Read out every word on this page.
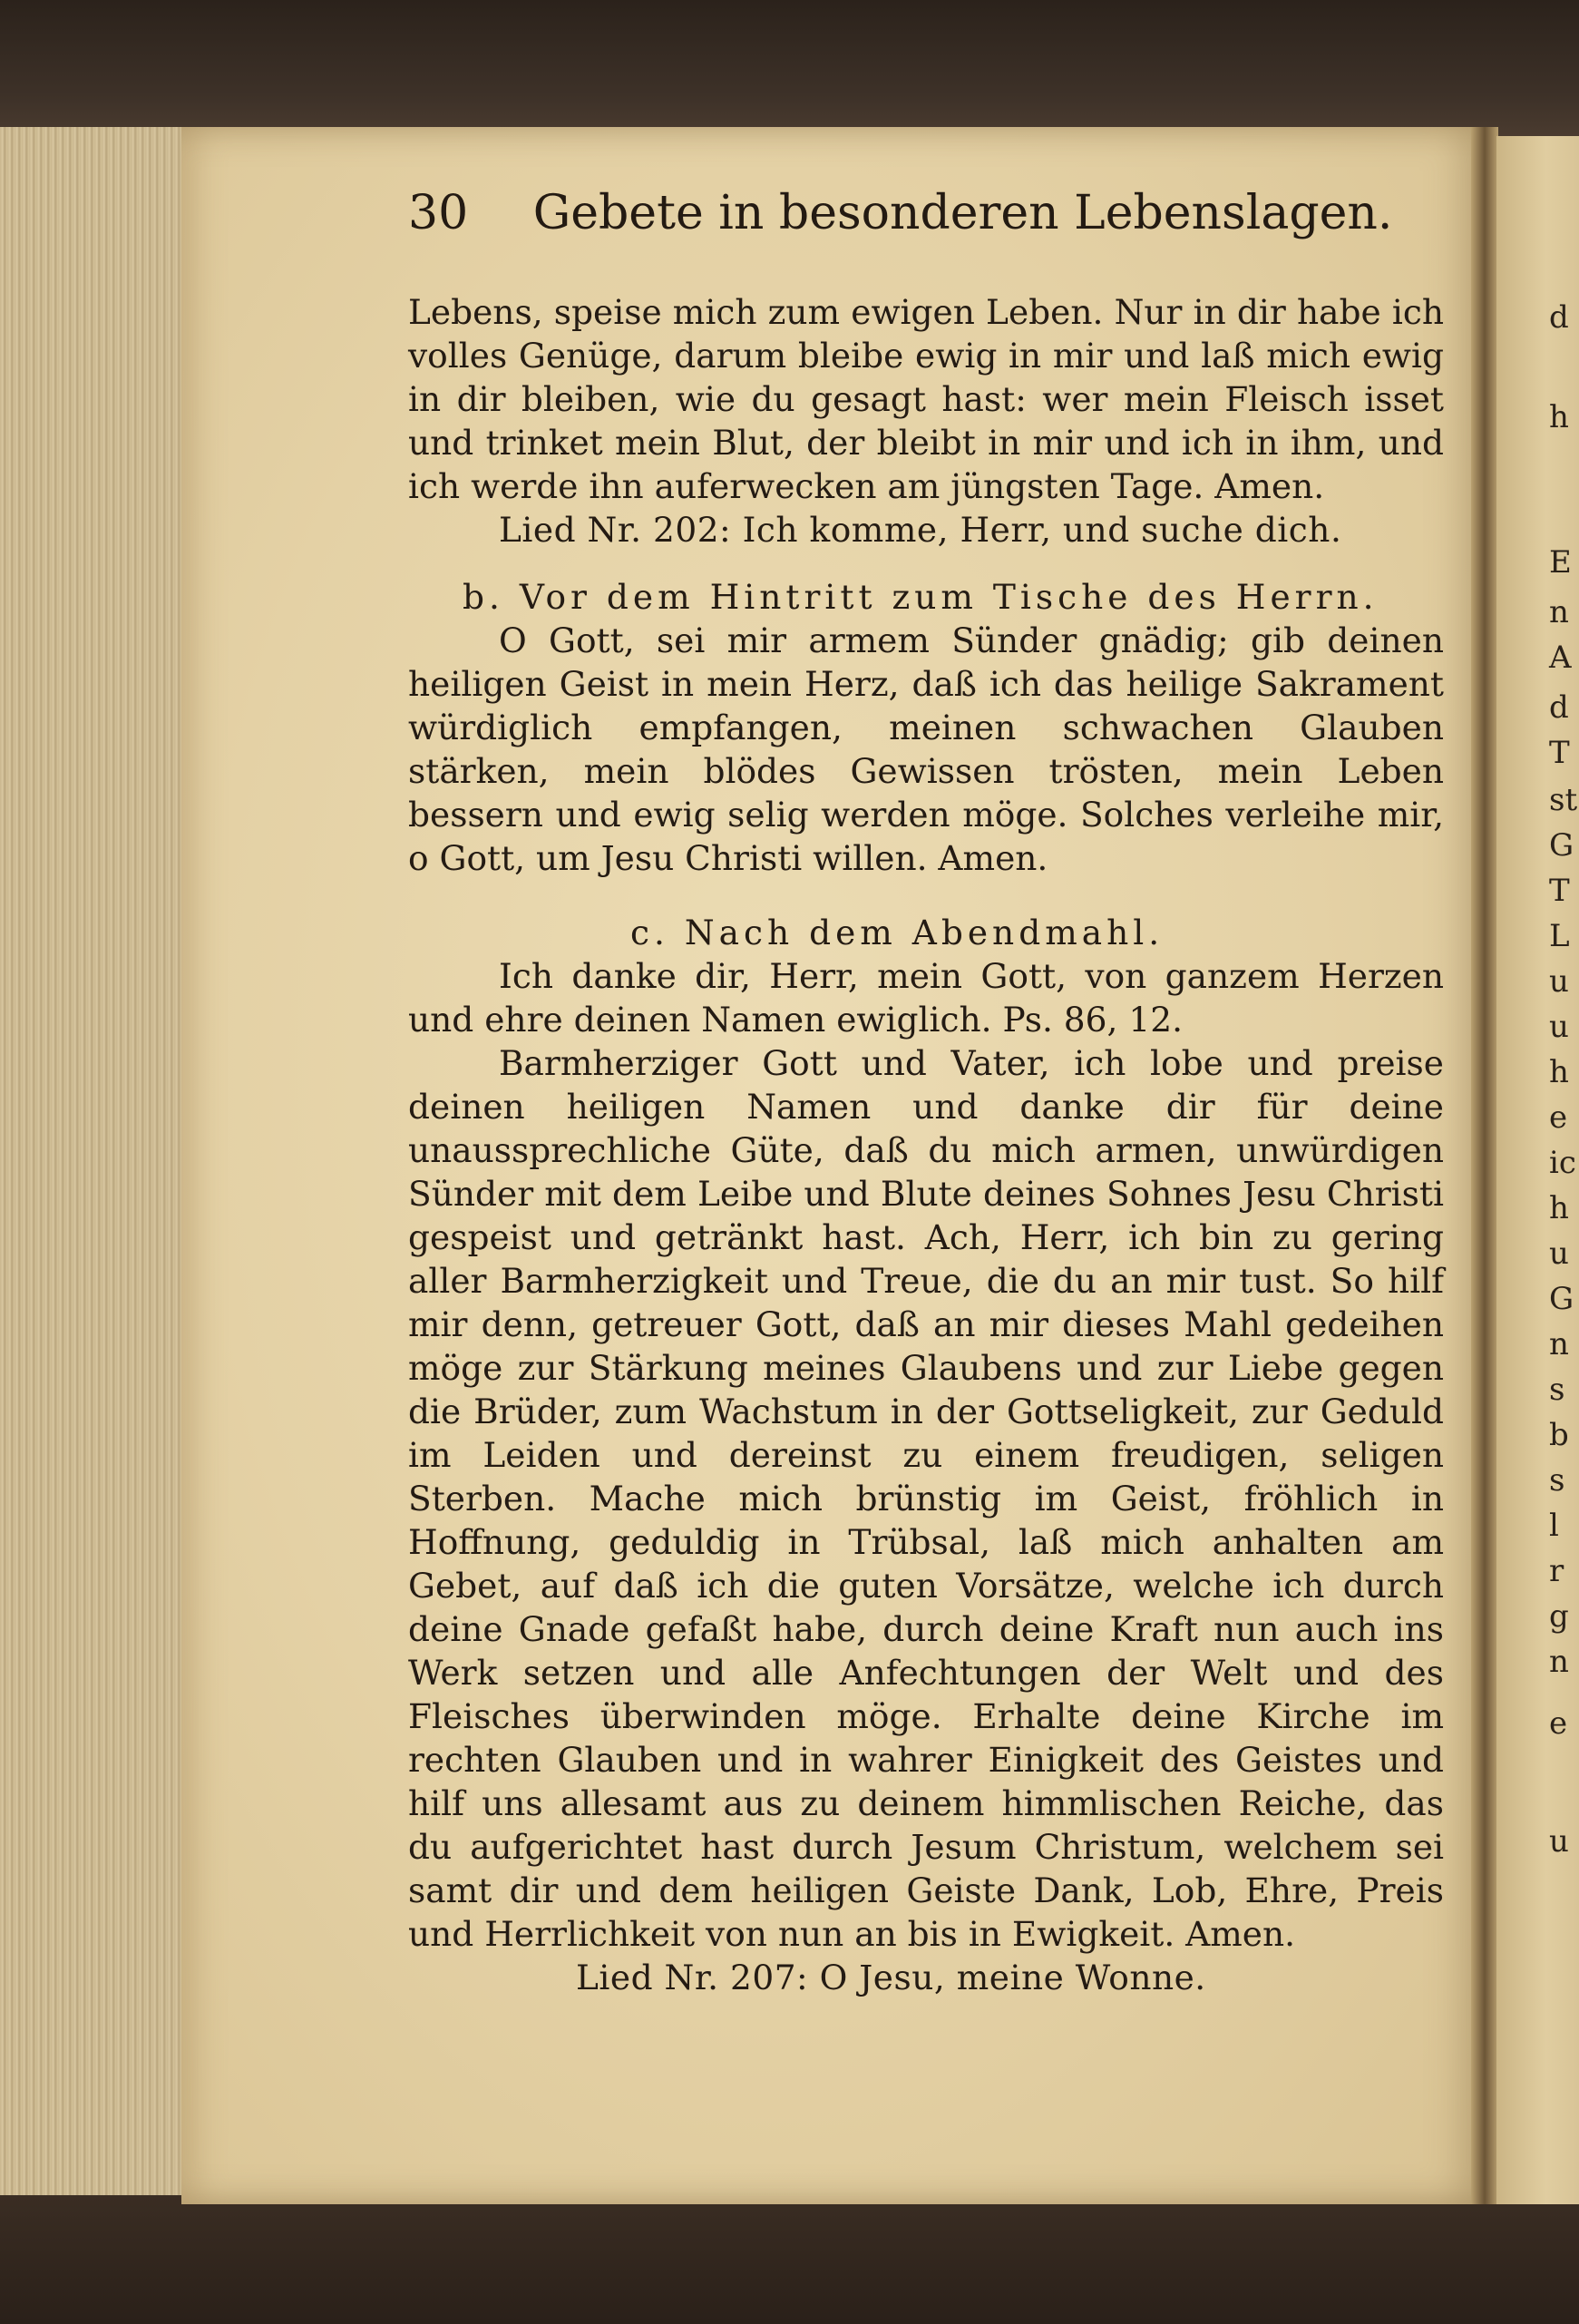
d
h
E
n
A
d
T
st
G
T
L
u
u
h
e
ic
h
u
G
n
s
b
s
l
r
g
n
e
u
30 Gebete in besonderen Lebenslagen.

Lebens, speise mich zum ewigen Leben. Nur in dir habe ich volles Genüge, darum bleibe ewig in mir und laß mich ewig in dir bleiben, wie du gesagt hast: wer mein Fleisch isset und trinket mein Blut, der bleibt in mir und ich in ihm, und ich werde ihn auferwecken am jüngsten Tage. Amen.

Lied Nr. 202: Ich komme, Herr, und suche dich.

b. Vor dem Hintritt zum Tische des Herrn.

O Gott, sei mir armem Sünder gnädig; gib deinen heiligen Geist in mein Herz, daß ich das heilige Sakrament würdiglich empfangen, meinen schwachen Glauben stärken, mein blödes Gewissen trösten, mein Leben bessern und ewig selig werden möge. Solches verleihe mir, o Gott, um Jesu Christi willen. Amen.

c. Nach dem Abendmahl.

Ich danke dir, Herr, mein Gott, von ganzem Herzen und ehre deinen Namen ewiglich. Ps. 86, 12.

Barmherziger Gott und Vater, ich lobe und preise deinen heiligen Namen und danke dir für deine unaussprechliche Güte, daß du mich armen, unwürdigen Sünder mit dem Leibe und Blute deines Sohnes Jesu Christi gespeist und getränkt hast. Ach, Herr, ich bin zu gering aller Barmherzigkeit und Treue, die du an mir tust. So hilf mir denn, getreuer Gott, daß an mir dieses Mahl gedeihen möge zur Stärkung meines Glaubens und zur Liebe gegen die Brüder, zum Wachstum in der Gottseligkeit, zur Geduld im Leiden und dereinst zu einem freudigen, seligen Sterben. Mache mich brünstig im Geist, fröhlich in Hoffnung, geduldig in Trübsal, laß mich anhalten am Gebet, auf daß ich die guten Vorsätze, welche ich durch deine Gnade gefaßt habe, durch deine Kraft nun auch ins Werk setzen und alle Anfechtungen der Welt und des Fleisches überwinden möge. Erhalte deine Kirche im rechten Glauben und in wahrer Einigkeit des Geistes und hilf uns allesamt aus zu deinem himmlischen Reiche, das du aufgerichtet hast durch Jesum Christum, welchem sei samt dir und dem heiligen Geiste Dank, Lob, Ehre, Preis und Herrlichkeit von nun an bis in Ewigkeit. Amen.

Lied Nr. 207: O Jesu, meine Wonne.
